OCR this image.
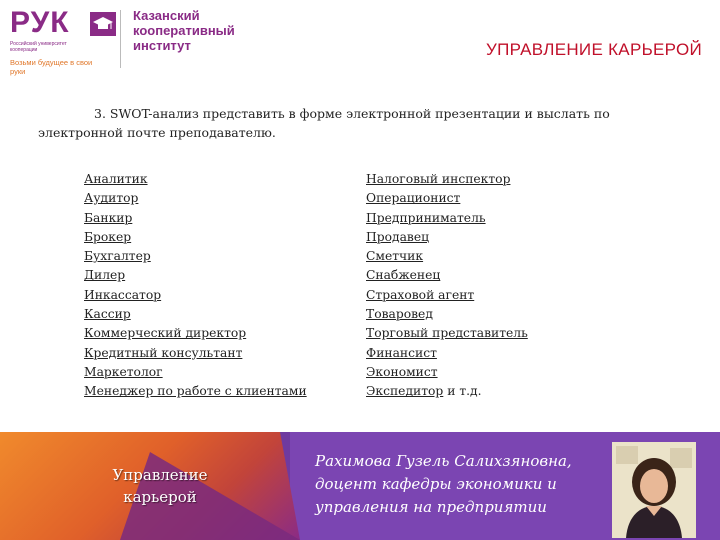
РУК
Российский университет кооперации
Возьми будущее в свои руки
Казанский кооперативный институт	УПРАВЛЕНИЕ КАРЬЕРОЙ
3. SWOT-анализ представить в форме электронной презентации и выслать по электронной почте преподавателю.
Аналитик
Аудитор
Банкир
Брокер
Бухгалтер
Дилер
Инкассатор
Кассир
Коммерческий директор
Кредитный консультант
Маркетолог
Менеджер по работе с клиентами
Налоговый инспектор
Операционист
Предприниматель
Продавец
Сметчик
Снабженец
Страховой агент
Товаровед
Торговый представитель
Финансист
Экономист
Экспедитор и т.д.
Управление карьерой
Рахимова Гузель Салихзяновна, доцент кафедры экономики и управления на предприятии
